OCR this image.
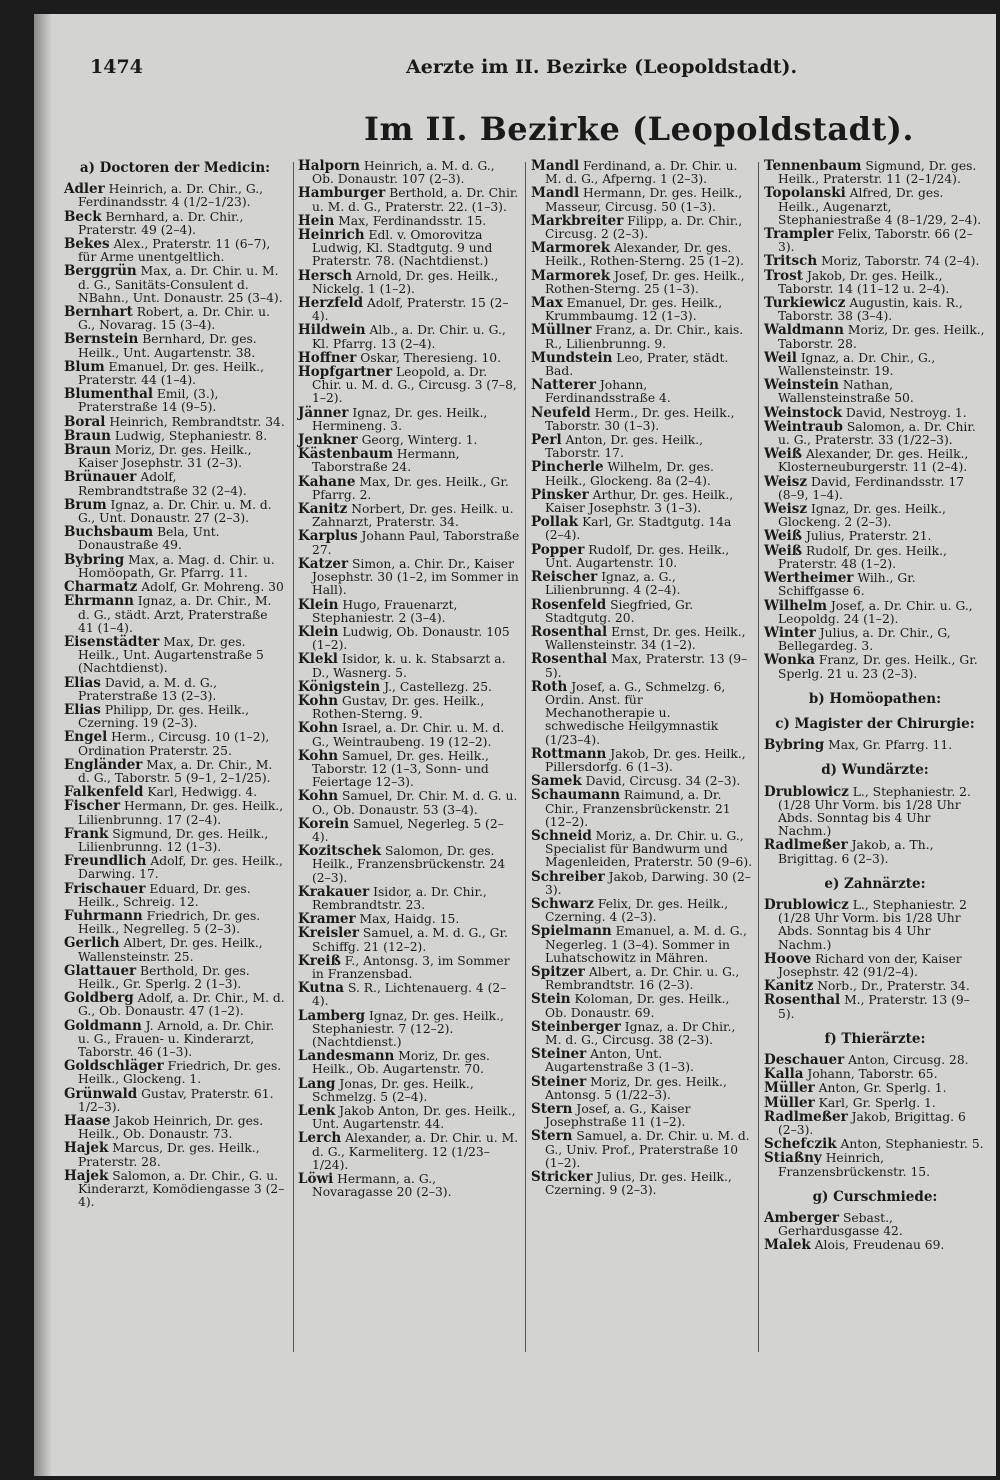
1474	Aerzte im II. Bezirke (Leopoldstadt).
Im II. Bezirke (Leopoldstadt).
a) Doctoren der Medicin:
Adler Heinrich, a. Dr. Chir., G., Ferdinandsstr. 4 (1/2–1/23).
Beck Bernhard, a. Dr. Chir., Praterstr. 49 (2–4).
Bekes Alex., Praterstr. 11 (6–7), für Arme unentgeltlich.
Berggrün Max, a. Dr. Chir. u. M. d. G., Sanitäts-Consulent d. NBahn., Unt. Donaustr. 25 (3–4).
Bernhart Robert, a. Dr. Chir. u. G., Novarag. 15 (3–4).
Bernstein Bernhard, Dr. ges. Heilk., Unt. Augartenstr. 38.
Blum Emanuel, Dr. ges. Heilk., Praterstr. 44 (1–4).
Blumenthal Emil, (3.), Praterstraße 14 (9–5).
Boral Heinrich, Rembrandtstr. 34.
Braun Ludwig, Stephaniestr. 8.
Braun Moriz, Dr. ges. Heilk., Kaiser Josephstr. 31 (2–3).
Brünauer Adolf, Rembrandtstraße 32 (2–4).
Brum Ignaz, a. Dr. Chir. u. M. d. G., Unt. Donaustr. 27 (2–3).
Buchsbaum Bela, Unt. Donaustraße 49.
Bybring Max, a. Mag. d. Chir. u. Homöopath, Gr. Pfarrg. 11.
Charmatz Adolf, Gr. Mohreng. 30
Ehrmann Ignaz, a. Dr. Chir., M. d. G., städt. Arzt, Praterstraße 41 (1–4).
Eisenstädter Max, Dr. ges. Heilk., Unt. Augartenstraße 5 (Nachtdienst).
Elias David, a. M. d. G., Praterstraße 13 (2–3).
Elias Philipp, Dr. ges. Heilk., Czerning. 19 (2–3).
Engel Herm., Circusg. 10 (1–2), Ordination Praterstr. 25.
Engländer Max, a. Dr. Chir., M. d. G., Taborstr. 5 (9–1, 2–1/25).
Falkenfeld Karl, Hedwigg. 4.
Fischer Hermann, Dr. ges. Heilk., Lilienbrunng. 17 (2–4).
Frank Sigmund, Dr. ges. Heilk., Lilienbrunng. 12 (1–3).
Freundlich Adolf, Dr. ges. Heilk., Darwing. 17.
Frischauer Eduard, Dr. ges. Heilk., Schreig. 12.
Fuhrmann Friedrich, Dr. ges. Heilk., Negrelleg. 5 (2–3).
Gerlich Albert, Dr. ges. Heilk., Wallensteinstr. 25.
Glattauer Berthold, Dr. ges. Heilk., Gr. Sperlg. 2 (1–3).
Goldberg Adolf, a. Dr. Chir., M. d. G., Ob. Donaustr. 47 (1–2).
Goldmann J. Arnold, a. Dr. Chir. u. G., Frauen- u. Kinderarzt, Taborstr. 46 (1–3).
Goldschläger Friedrich, Dr. ges. Heilk., Glockeng. 1.
Grünwald Gustav, Praterstr. 61. 1/2–3).
Haase Jakob Heinrich, Dr. ges. Heilk., Ob. Donaustr. 73.
Hajek Marcus, Dr. ges. Heilk., Praterstr. 28.
Hajek Salomon, a. Dr. Chir., G. u. Kinderarzt, Komödiengasse 3 (2–4).
Halporn Heinrich, a. M. d. G., Ob. Donaustr. 107 (2–3).
Hamburger Berthold, a. Dr. Chir. u. M. d. G., Praterstr. 22. (1–3).
Hein Max, Ferdinandsstr. 15.
Heinrich Edl. v. Omorovitza Ludwig, Kl. Stadtgutg. 9 und Praterstr. 78. (Nachtdienst.)
Hersch Arnold, Dr. ges. Heilk., Nickelg. 1 (1–2).
Herzfeld Adolf, Praterstr. 15 (2–4).
Hildwein Alb., a. Dr. Chir. u. G., Kl. Pfarrg. 13 (2–4).
Hoffner Oskar, Theresieng. 10.
Hopfgartner Leopold, a. Dr. Chir. u. M. d. G., Circusg. 3 (7–8, 1–2).
Jänner Ignaz, Dr. ges. Heilk., Hermineng. 3.
Jenkner Georg, Winterg. 1.
Kästenbaum Hermann, Taborstraße 24.
Kahane Max, Dr. ges. Heilk., Gr. Pfarrg. 2.
Kanitz Norbert, Dr. ges. Heilk. u. Zahnarzt, Praterstr. 34.
Karplus Johann Paul, Taborstraße 27.
Katzer Simon, a. Chir. Dr., Kaiser Josephstr. 30 (1–2, im Sommer in Hall).
Klein Hugo, Frauenarzt, Stephaniestr. 2 (3–4).
Klein Ludwig, Ob. Donaustr. 105 (1–2).
Klekl Isidor, k. u. k. Stabsarzt a. D., Wasnerg. 5.
Königstein J., Castellezg. 25.
Kohn Gustav, Dr. ges. Heilk., Rothen-Sterng. 9.
Kohn Israel, a. Dr. Chir. u. M. d. G., Weintraubeng. 19 (12–2).
Kohn Samuel, Dr. ges. Heilk., Taborstr. 12 (1–3, Sonn- und Feiertage 12–3).
Kohn Samuel, Dr. Chir. M. d. G. u. O., Ob. Donaustr. 53 (3–4).
Korein Samuel, Negerleg. 5 (2–4).
Kozitschek Salomon, Dr. ges. Heilk., Franzensbrückenstr. 24 (2–3).
Krakauer Isidor, a. Dr. Chir., Rembrandtstr. 23.
Kramer Max, Haidg. 15.
Kreisler Samuel, a. M. d. G., Gr. Schiffg. 21 (12–2).
Kreiß F., Antonsg. 3, im Sommer in Franzensbad.
Kutna S. R., Lichtenauerg. 4 (2–4).
Lamberg Ignaz, Dr. ges. Heilk., Stephaniestr. 7 (12–2). (Nachtdienst.)
Landesmann Moriz, Dr. ges. Heilk., Ob. Augartenstr. 70.
Lang Jonas, Dr. ges. Heilk., Schmelzg. 5 (2–4).
Lenk Jakob Anton, Dr. ges. Heilk., Unt. Augartenstr. 44.
Lerch Alexander, a. Dr. Chir. u. M. d. G., Karmeliterg. 12 (1/23–1/24).
Löwi Hermann, a. G., Novaragasse 20 (2–3).
Mandl Ferdinand, a. Dr. Chir. u. M. d. G., Afperng. 1 (2–3).
Mandl Hermann, Dr. ges. Heilk., Masseur, Circusg. 50 (1–3).
Markbreiter Filipp, a. Dr. Chir., Circusg. 2 (2–3).
Marmorek Alexander, Dr. ges. Heilk., Rothen-Sterng. 25 (1–2).
Marmorek Josef, Dr. ges. Heilk., Rothen-Sterng. 25 (1–3).
Max Emanuel, Dr. ges. Heilk., Krummbaumg. 12 (1–3).
Müllner Franz, a. Dr. Chir., kais. R., Lilienbrunng. 9.
Mundstein Leo, Prater, städt. Bad.
Natterer Johann, Ferdinandsstraße 4.
Neufeld Herm., Dr. ges. Heilk., Taborstr. 30 (1–3).
Perl Anton, Dr. ges. Heilk., Taborstr. 17.
Pincherle Wilhelm, Dr. ges. Heilk., Glockeng. 8a (2–4).
Pinsker Arthur, Dr. ges. Heilk., Kaiser Josephstr. 3 (1–3).
Pollak Karl, Gr. Stadtgutg. 14a (2–4).
Popper Rudolf, Dr. ges. Heilk., Unt. Augartenstr. 10.
Reischer Ignaz, a. G., Lilienbrunng. 4 (2–4).
Rosenfeld Siegfried, Gr. Stadtgutg. 20.
Rosenthal Ernst, Dr. ges. Heilk., Wallensteinstr. 34 (1–2).
Rosenthal Max, Praterstr. 13 (9–5).
Roth Josef, a. G., Schmelzg. 6, Ordin. Anst. für Mechanotherapie u. schwedische Heilgymnastik (1/23–4).
Rottmann Jakob, Dr. ges. Heilk., Pillersdorfg. 6 (1–3).
Samek David, Circusg. 34 (2–3).
Schaumann Raimund, a. Dr. Chir., Franzensbrückenstr. 21 (12–2).
Schneid Moriz, a. Dr. Chir. u. G., Specialist für Bandwurm und Magenleiden, Praterstr. 50 (9–6).
Schreiber Jakob, Darwing. 30 (2–3).
Schwarz Felix, Dr. ges. Heilk., Czerning. 4 (2–3).
Spielmann Emanuel, a. M. d. G., Negerleg. 1 (3–4). Sommer in Luhatschowitz in Mähren.
Spitzer Albert, a. Dr. Chir. u. G., Rembrandtstr. 16 (2–3).
Stein Koloman, Dr. ges. Heilk., Ob. Donaustr. 69.
Steinberger Ignaz, a. Dr Chir., M. d. G., Circusg. 38 (2–3).
Steiner Anton, Unt. Augartenstraße 3 (1–3).
Steiner Moriz, Dr. ges. Heilk., Antonsg. 5 (1/22–3).
Stern Josef, a. G., Kaiser Josephstraße 11 (1–2).
Stern Samuel, a. Dr. Chir. u. M. d. G., Univ. Prof., Praterstraße 10 (1–2).
Stricker Julius, Dr. ges. Heilk., Czerning. 9 (2–3).
Tennenbaum Sigmund, Dr. ges. Heilk., Praterstr. 11 (2–1/24).
Topolanski Alfred, Dr. ges. Heilk., Augenarzt, Stephaniestraße 4 (8–1/29, 2–4).
Trampler Felix, Taborstr. 66 (2–3).
Tritsch Moriz, Taborstr. 74 (2–4).
Trost Jakob, Dr. ges. Heilk., Taborstr. 14 (11–12 u. 2–4).
Turkiewicz Augustin, kais. R., Taborstr. 38 (3–4).
Waldmann Moriz, Dr. ges. Heilk., Taborstr. 28.
Weil Ignaz, a. Dr. Chir., G., Wallensteinstr. 19.
Weinstein Nathan, Wallensteinstraße 50.
Weinstock David, Nestroyg. 1.
Weintraub Salomon, a. Dr. Chir. u. G., Praterstr. 33 (1/22–3).
Weiß Alexander, Dr. ges. Heilk., Klosterneuburgerstr. 11 (2–4).
Weisz David, Ferdinandsstr. 17 (8–9, 1–4).
Weisz Ignaz, Dr. ges. Heilk., Glockeng. 2 (2–3).
Weiß Julius, Praterstr. 21.
Weiß Rudolf, Dr. ges. Heilk., Praterstr. 48 (1–2).
Wertheimer Wilh., Gr. Schiffgasse 6.
Wilhelm Josef, a. Dr. Chir. u. G., Leopoldg. 24 (1–2).
Winter Julius, a. Dr. Chir., G, Bellegardeg. 3.
Wonka Franz, Dr. ges. Heilk., Gr. Sperlg. 21 u. 23 (2–3).
b) Homöopathen:
c) Magister der Chirurgie:
Bybring Max, Gr. Pfarrg. 11.
d) Wundärzte:
Drublowicz L., Stephaniestr. 2. (1/28 Uhr Vorm. bis 1/28 Uhr Abds. Sonntag bis 4 Uhr Nachm.)
Radlmeßer Jakob, a. Th., Brigittag. 6 (2–3).
e) Zahnärzte:
Drublowicz L., Stephaniestr. 2 (1/28 Uhr Vorm. bis 1/28 Uhr Abds. Sonntag bis 4 Uhr Nachm.)
Hoove Richard von der, Kaiser Josephstr. 42 (91/2–4).
Kanitz Norb., Dr., Praterstr. 34.
Rosenthal M., Praterstr. 13 (9–5).
f) Thierärzte:
Deschauer Anton, Circusg. 28.
Kalla Johann, Taborstr. 65.
Müller Anton, Gr. Sperlg. 1.
Müller Karl, Gr. Sperlg. 1.
Radlmeßer Jakob, Brigittag. 6 (2–3).
Schefczik Anton, Stephaniestr. 5.
Stiaßny Heinrich, Franzensbrückenstr. 15.
g) Curschmiede:
Amberger Sebast., Gerhardusgasse 42.
Malek Alois, Freudenau 69.
